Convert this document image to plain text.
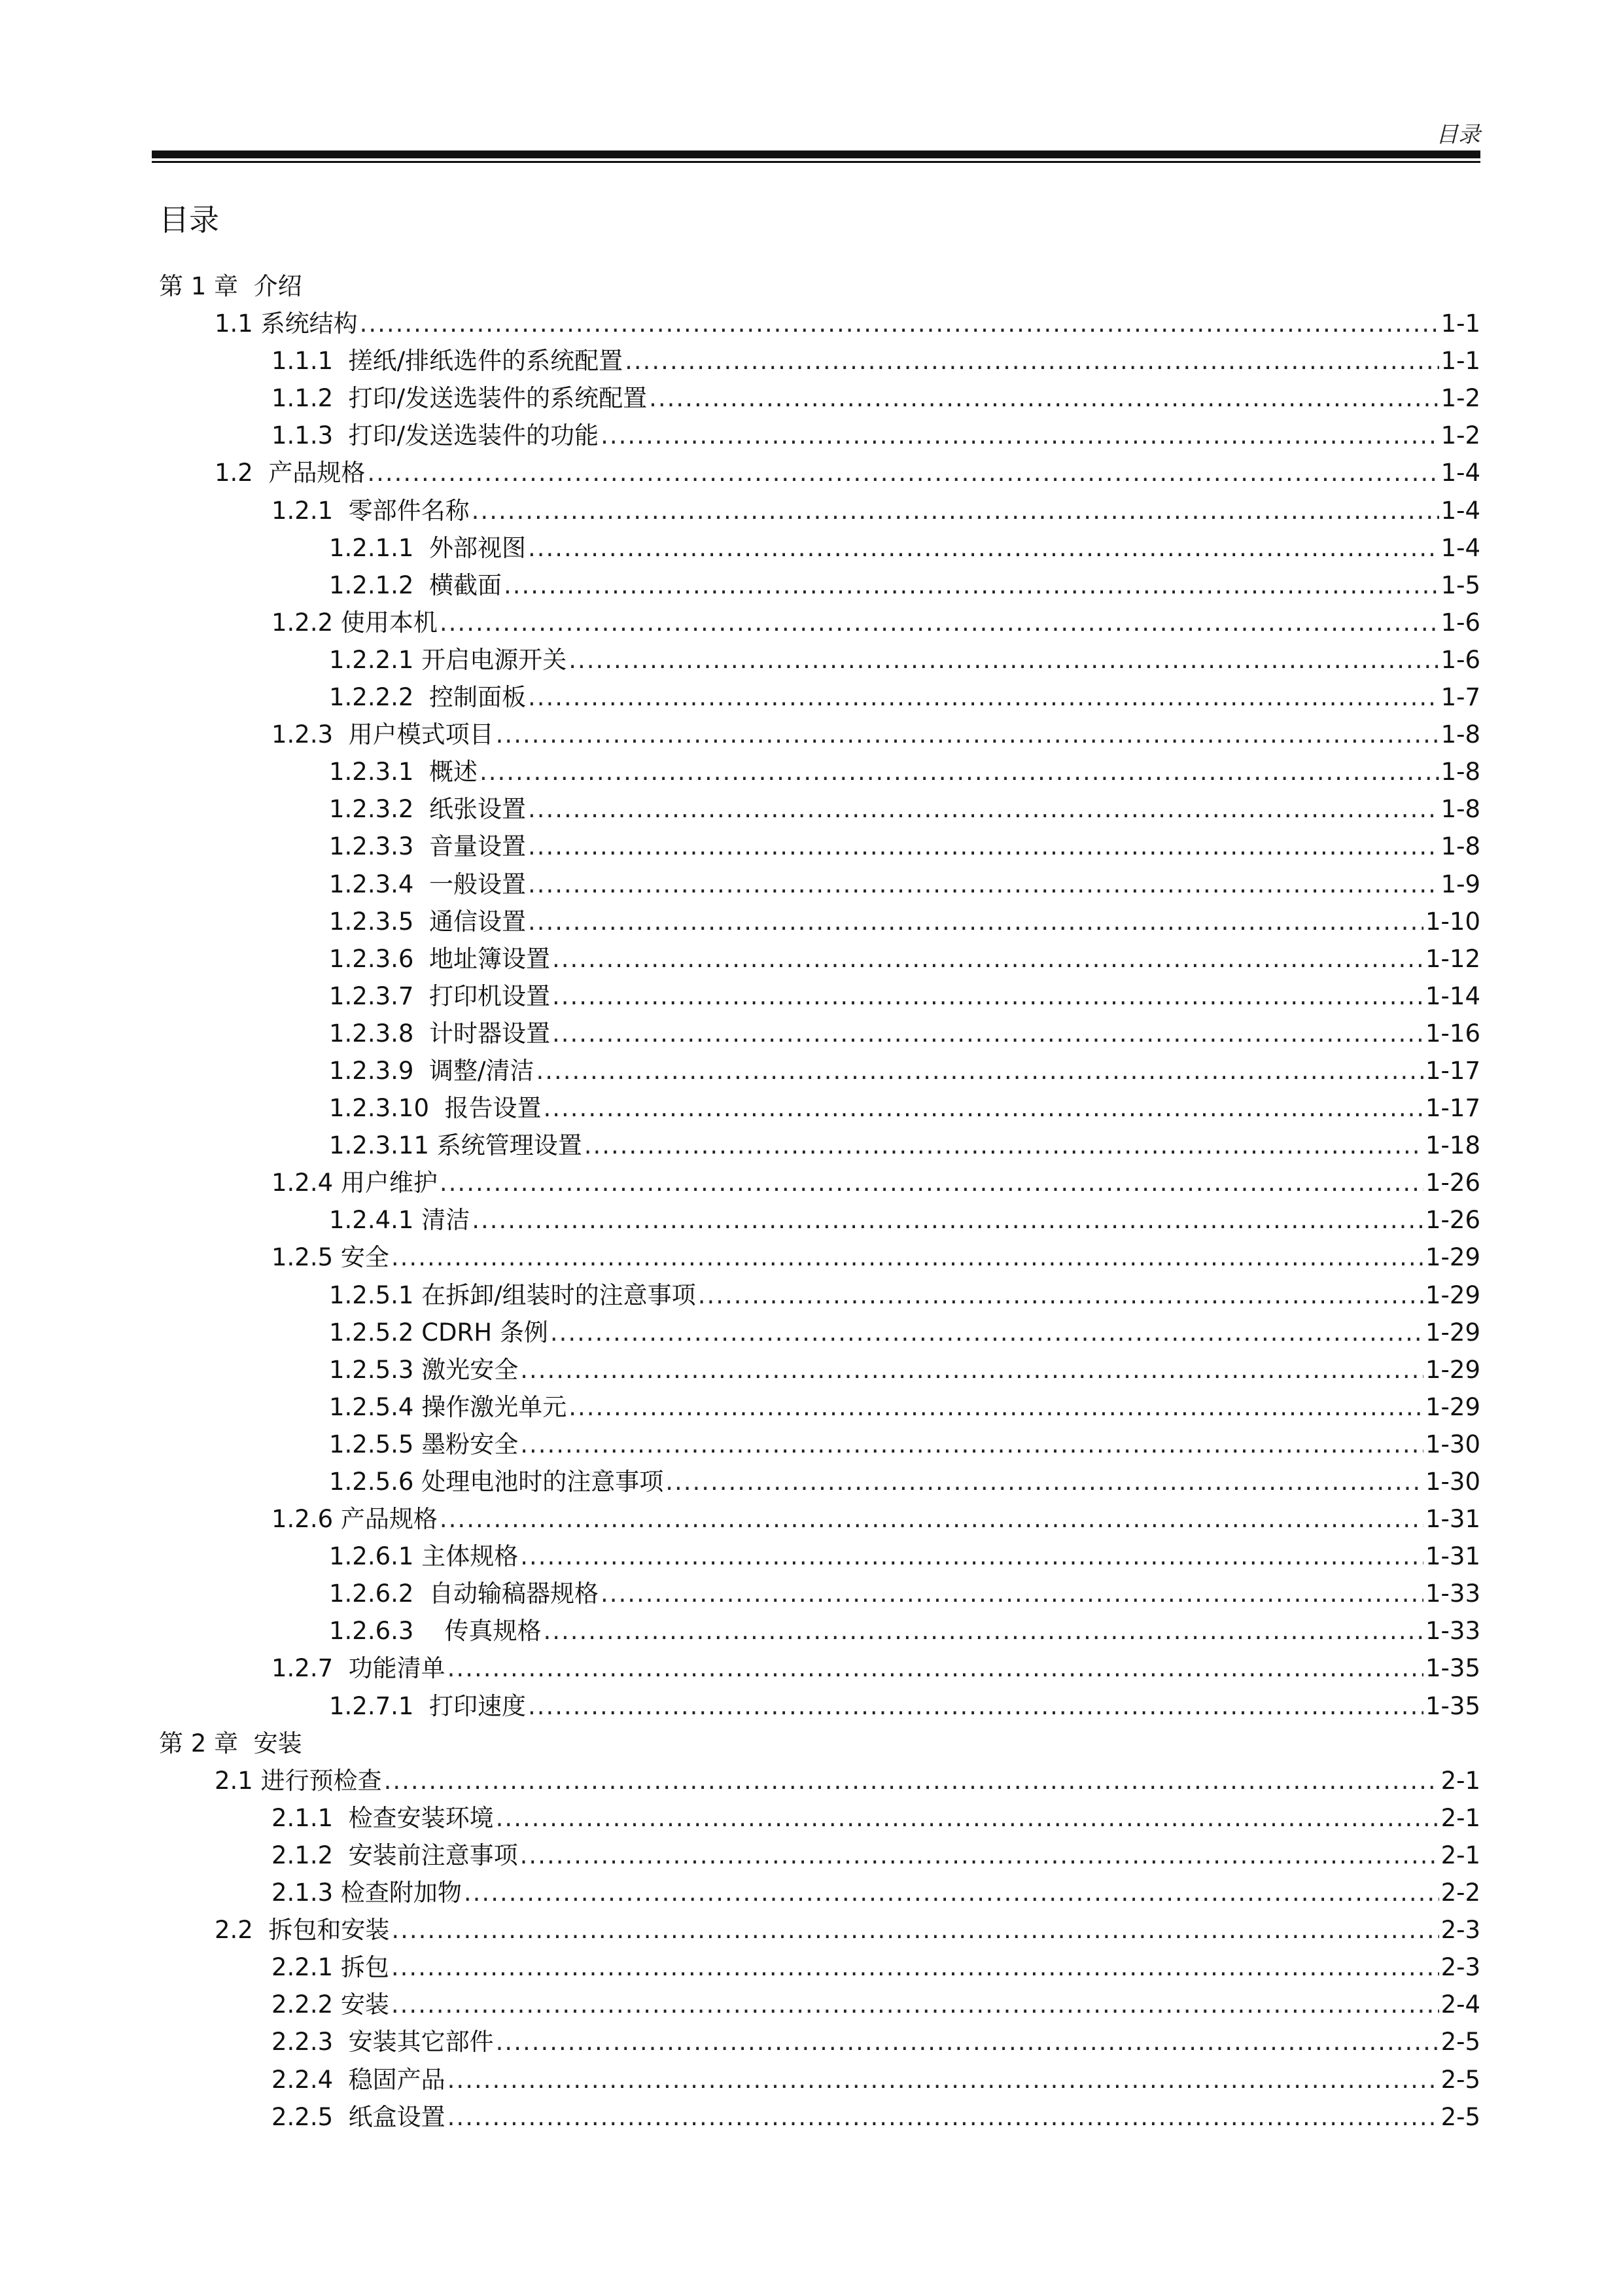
目录
目录
第 1 章  介绍
1.1 系统结构 .....	1-1
1.1.1  搓纸/排纸选件的系统配置 .....	1-1
1.1.2  打印/发送选装件的系统配置 .....	1-2
1.1.3  打印/发送选装件的功能 .....	1-2
1.2  产品规格 .....	1-4
1.2.1  零部件名称 .....	1-4
1.2.1.1  外部视图 .....	1-4
1.2.1.2  横截面 .....	1-5
1.2.2 使用本机 .....	1-6
1.2.2.1 开启电源开关 .....	1-6
1.2.2.2  控制面板 .....	1-7
1.2.3  用户模式项目 .....	1-8
1.2.3.1  概述 .....	1-8
1.2.3.2  纸张设置 .....	1-8
1.2.3.3  音量设置 .....	1-8
1.2.3.4  一般设置 .....	1-9
1.2.3.5  通信设置 .....	1-10
1.2.3.6  地址簿设置 .....	1-12
1.2.3.7  打印机设置 .....	1-14
1.2.3.8  计时器设置 .....	1-16
1.2.3.9  调整/清洁 .....	1-17
1.2.3.10  报告设置 .....	1-17
1.2.3.11 系统管理设置 .....	1-18
1.2.4 用户维护 .....	1-26
1.2.4.1 清洁 .....	1-26
1.2.5 安全 .....	1-29
1.2.5.1 在拆卸/组装时的注意事项 .....	1-29
1.2.5.2 CDRH 条例 .....	1-29
1.2.5.3 激光安全 .....	1-29
1.2.5.4 操作激光单元 .....	1-29
1.2.5.5 墨粉安全 .....	1-30
1.2.5.6 处理电池时的注意事项 .....	1-30
1.2.6 产品规格 .....	1-31
1.2.6.1 主体规格 .....	1-31
1.2.6.2  自动输稿器规格 .....	1-33
1.2.6.3    传真规格 .....	1-33
1.2.7  功能清单 .....	1-35
1.2.7.1  打印速度 .....	1-35
第 2 章  安装
2.1 进行预检查 .....	2-1
2.1.1  检查安装环境 .....	2-1
2.1.2  安装前注意事项 .....	2-1
2.1.3 检查附加物 .....	2-2
2.2  拆包和安装 .....	2-3
2.2.1 拆包 .....	2-3
2.2.2 安装 .....	2-4
2.2.3  安装其它部件 .....	2-5
2.2.4  稳固产品 .....	2-5
2.2.5  纸盒设置 .....	2-5
